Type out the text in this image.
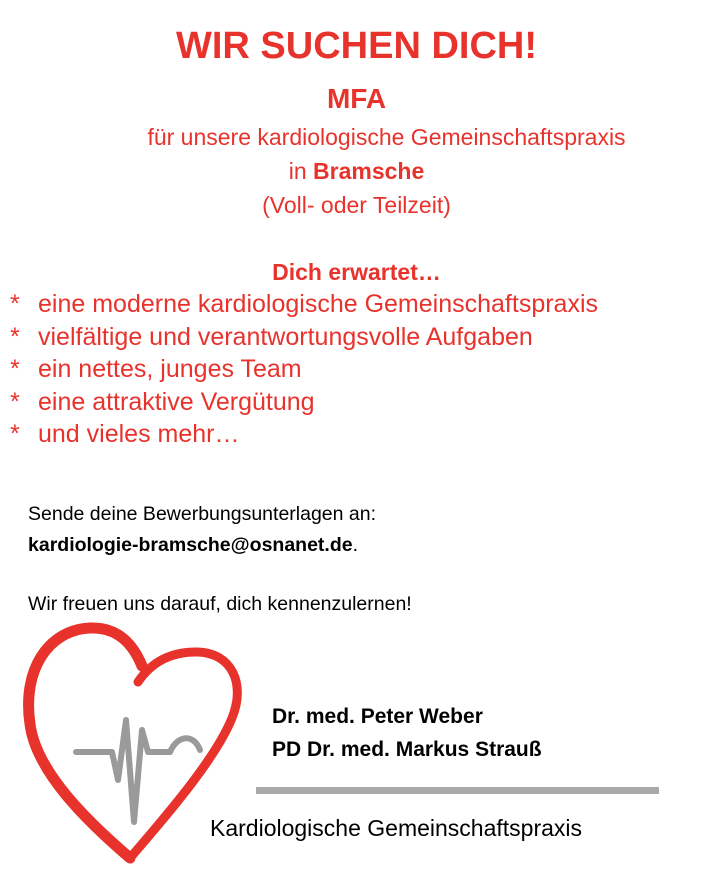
WIR SUCHEN DICH!
MFA
für unsere kardiologische Gemeinschaftspraxis
in Bramsche
(Voll- oder Teilzeit)
Dich erwartet…
* eine moderne kardiologische Gemeinschaftspraxis
* vielfältige und verantwortungsvolle Aufgaben
* ein nettes, junges Team
* eine attraktive Vergütung
* und vieles mehr…
Sende deine Bewerbungsunterlagen an:
kardiologie-bramsche@osnanet.de.
Wir freuen uns darauf, dich kennenzulernen!
Dr. med. Peter Weber
PD Dr. med. Markus Strauß
Kardiologische Gemeinschaftspraxis
